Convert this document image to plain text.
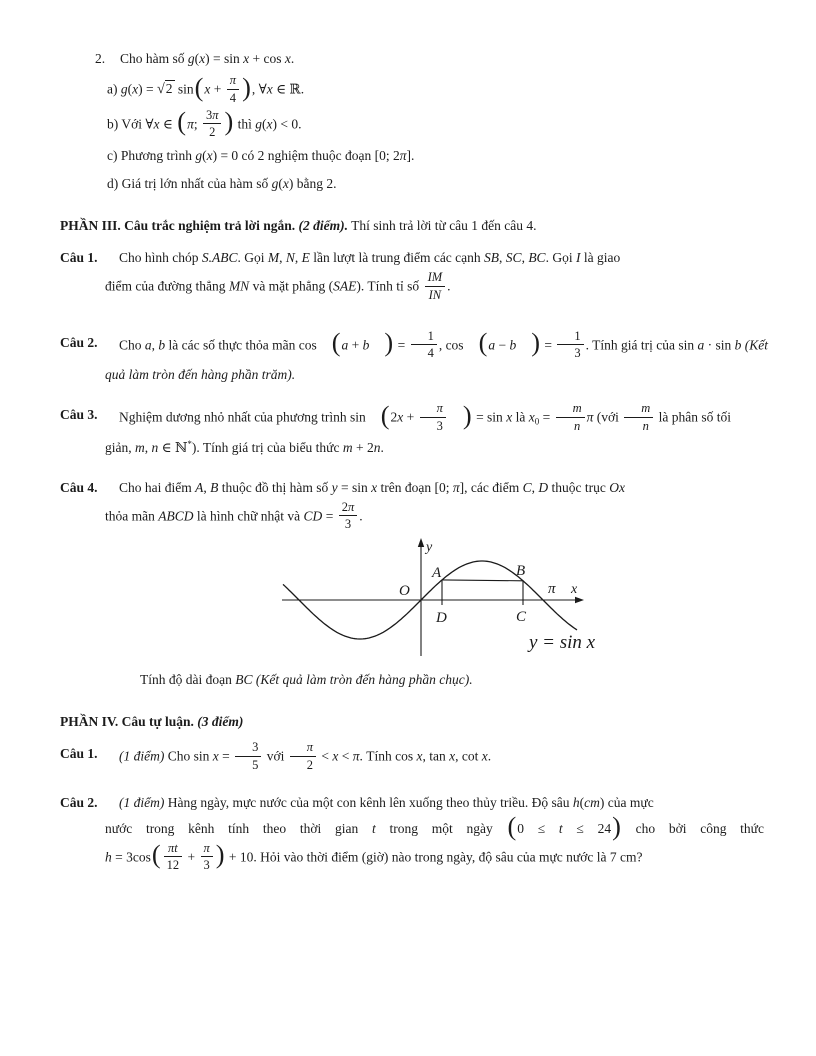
2.	Cho hàm số g(x) = sin x + cos x.
a) g(x) = √2 $\sin(x + \frac{\pi}{4}$ ), ∀x ∈ ℝ.
b) Với ∀x ∈ (π; $\frac{3\pi}{2}$ ) thì g(x) < 0.
c) Phương trình g(x) = 0 có 2 nghiệm thuộc đoạn [0; 2π].
d) Giá trị lớn nhất của hàm số g(x) bằng 2.
PHẦN III. Câu trắc nghiệm trả lời ngắn. (2 điểm). Thí sinh trả lời từ câu 1 đến câu 4.
Câu 1.	Cho hình chóp S.ABC. Gọi M, N, E lần lượt là trung điểm các cạnh SB, SC, BC. Gọi I là giao
điểm của đường thẳng MN và mặt phẳng (SAE). Tính tỉ số $\frac{IM}{IN}$ .
Câu 2.	Cho a, b là các số thực thỏa mãn cos (a + b ) = $\frac{1}{4}$ , cos (a − b ) = $\frac{1}{3}$ . Tính giá trị của sin a · sin b (Kết
quả làm tròn đến hàng phần trăm).
Câu 3.	Nghiệm dương nhỏ nhất của phương trình $\sin (2x + \frac{\pi}{3}$ ) = sin x là $x_0 = \frac{m}{n}$ π (với $\frac{m}{n}$ là phân số tối
giản, m, n ∈ ℕ*). Tính giá trị của biểu thức m + 2n.
Câu 4.	Cho hai điểm A, B thuộc đồ thị hàm số y = sin x trên đoạn [0; π], các điểm C, D thuộc trục Ox
thỏa mãn ABCD là hình chữ nhật và CD = $\frac{2\pi}{3}$ .
y
x
π
O
A	B
C
D
y = sin x
Tính độ dài đoạn BC (Kết quả làm tròn đến hàng phần chục).
PHẦN IV. Câu tự luận. (3 điểm)
Câu 1.	(1 điểm) Cho $\sin x = \frac{3}{5}$ với $\frac{\pi}{2} < x < \pi$. Tính cos x, tan x, cot x.
Câu 2.	(1 điểm) Hàng ngày, mực nước của một con kênh lên xuống theo thủy triều. Độ sâu h(cm) của mực
nước trong kênh tính theo thời gian t trong một ngày (0 ≤ t ≤ 24) cho bởi công thức
$h = 3\cos( \frac{\pi t}{12} + \frac{\pi}{3}$ ) + 10. Hỏi vào thời điểm (giờ) nào trong ngày, độ sâu của mực nước là 7 cm?
